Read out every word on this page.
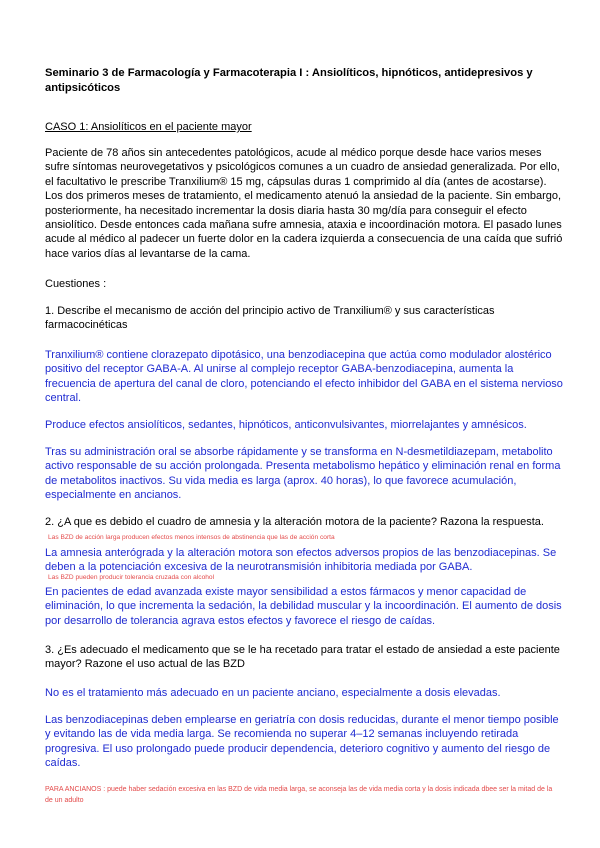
Seminario 3 de Farmacología y Farmacoterapia I : Ansiolíticos, hipnóticos, antidepresivos y antipsicóticos
CASO 1: Ansiolíticos en el paciente mayor
Paciente de 78 años sin antecedentes patológicos, acude al médico porque desde hace varios meses sufre síntomas neurovegetativos y psicológicos comunes a un cuadro de ansiedad generalizada. Por ello, el facultativo le prescribe Tranxilium® 15 mg, cápsulas duras 1 comprimido al día (antes de acostarse). Los dos primeros meses de tratamiento, el medicamento atenuó la ansiedad de la paciente. Sin embargo, posteriormente, ha necesitado incrementar la dosis diaria hasta 30 mg/día para conseguir el efecto ansiolítico. Desde entonces cada mañana sufre amnesia, ataxia e incoordinación motora. El pasado lunes acude al médico al padecer un fuerte dolor en la cadera izquierda a consecuencia de una caída que sufrió hace varios días al levantarse de la cama.
Cuestiones :
1. Describe el mecanismo de acción del principio activo de Tranxilium® y sus características farmacocinéticas
Tranxilium® contiene clorazepato dipotásico, una benzodiacepina que actúa como modulador alostérico positivo del receptor GABA-A. Al unirse al complejo receptor GABA-benzodiacepina, aumenta la frecuencia de apertura del canal de cloro, potenciando el efecto inhibidor del GABA en el sistema nervioso central.
Produce efectos ansiolíticos, sedantes, hipnóticos, anticonvulsivantes, miorrelajantes y amnésicos.
Tras su administración oral se absorbe rápidamente y se transforma en N-desmetildiazepam, metabolito activo responsable de su acción prolongada. Presenta metabolismo hepático y eliminación renal en forma de metabolitos inactivos. Su vida media es larga (aprox. 40 horas), lo que favorece acumulación, especialmente en ancianos.
2. ¿A que es debido el cuadro de amnesia y la alteración motora de la paciente? Razona la respuesta.
Las BZD de acción larga producen efectos menos intensos de abstinencia que las de acción corta
La amnesia anterógrada y la alteración motora son efectos adversos propios de las benzodiacepinas. Se deben a la potenciación excesiva de la neurotransmisión inhibitoria mediada por GABA.
Las BZD pueden producir tolerancia cruzada con alcohol
En pacientes de edad avanzada existe mayor sensibilidad a estos fármacos y menor capacidad de eliminación, lo que incrementa la sedación, la debilidad muscular y la incoordinación. El aumento de dosis por desarrollo de tolerancia agrava estos efectos y favorece el riesgo de caídas.
3. ¿Es adecuado el medicamento que se le ha recetado para tratar el estado de ansiedad a este paciente mayor? Razone el uso actual de las BZD
No es el tratamiento más adecuado en un paciente anciano, especialmente a dosis elevadas.
Las benzodiacepinas deben emplearse en geriatría con dosis reducidas, durante el menor tiempo posible y evitando las de vida media larga. Se recomienda no superar 4–12 semanas incluyendo retirada progresiva. El uso prolongado puede producir dependencia, deterioro cognitivo y aumento del riesgo de caídas.
PARA ANCIANOS : puede haber sedación excesiva en las BZD de vida media larga, se aconseja las de vida media corta y la dosis indicada dbee ser la mitad de la de un adulto
